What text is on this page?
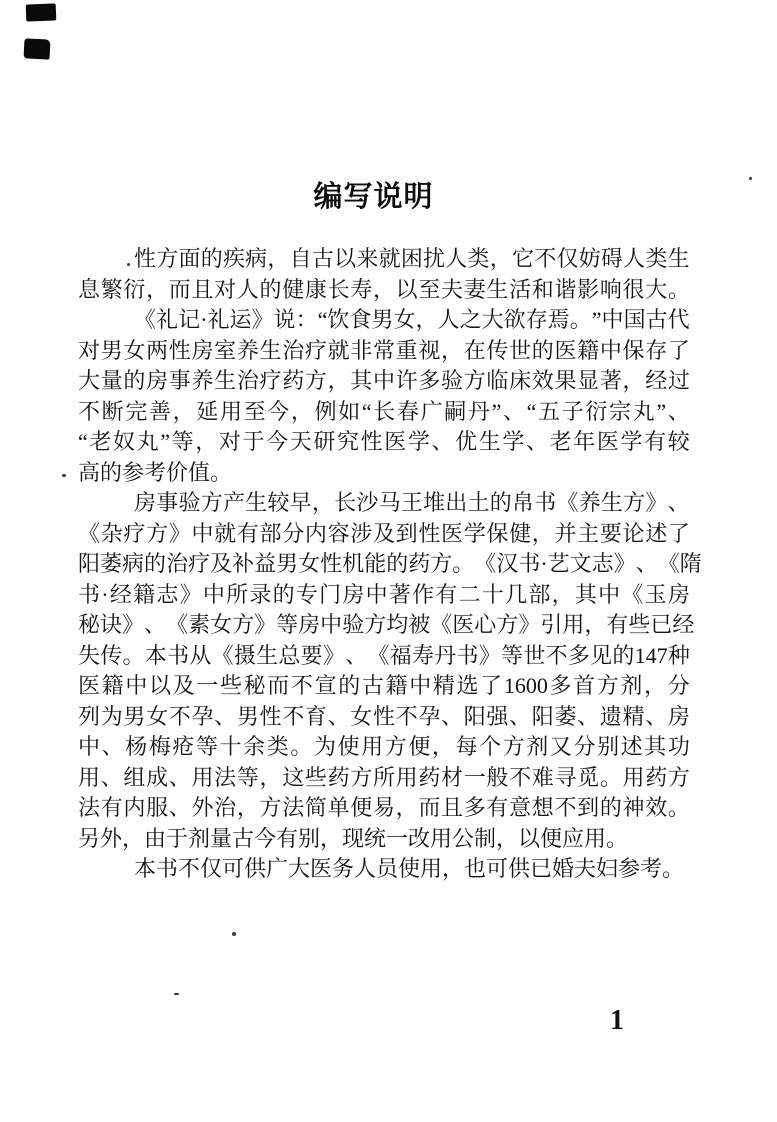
编写说明
性 方 面 的 疾 病 ， 自 古 以 来 就 困 扰 人 类 ， 它 不 仅 妨 碍 人 类 生
息 繁 衍 ， 而 且 对 人 的 健 康 长 寿 ， 以 至 夫 妻 生 活 和 谐 影 响 很 大 。
《 礼 记 · 礼 运 》 说 ： “ 饮 食 男 女 ， 人 之 大 欲 存 焉 。 ” 中 国 古 代
对 男 女 两 性 房 室 养 生 治 疗 就 非 常 重 视 ， 在 传 世 的 医 籍 中 保 存 了
大 量 的 房 事 养 生 治 疗 药 方 ， 其 中 许 多 验 方 临 床 效 果 显 著 ， 经 过
不 断 完 善 ， 延 用 至 今 ， 例 如 “ 长 春 广 嗣 丹 ” 、 “ 五 子 衍 宗 丸 ” 、
“ 老 奴 丸 ” 等 ， 对 于 今 天 研 究 性 医 学 、 优 生 学 、 老 年 医 学 有 较
高的参考价值。
房 事 验 方 产 生 较 早 ， 长 沙 马 王 堆 出 土 的 帛 书 《 养 生 方 》 、
《 杂 疗 方 》 中 就 有 部 分 内 容 涉 及 到 性 医 学 保 健 ， 并 主 要 论 述 了
阳 萎 病 的 治 疗 及 补 益 男 女 性 机 能 的 药 方 。 《 汉 书 · 艺 文 志 》 、 《 隋
书 · 经 籍 志 》 中 所 录 的 专 门 房 中 著 作 有 二 十 几 部 ， 其 中 《 玉 房
秘 诀 》 、 《 素 女 方 》 等 房 中 验 方 均 被 《 医 心 方 》 引 用 ， 有 些 已 经
失 传 。 本 书 从 《 摄 生 总 要 》 、 《 福 寿 丹 书 》 等 世 不 多 见 的 147 种
医 籍 中 以 及 一 些 秘 而 不 宣 的 古 籍 中 精 选 了 1600 多 首 方 剂 ， 分
列 为 男 女 不 孕 、 男 性 不 育 、 女 性 不 孕 、 阳 强 、 阳 萎 、 遗 精 、 房
中 、 杨 梅 疮 等 十 余 类 。 为 使 用 方 便 ， 每 个 方 剂 又 分 别 述 其 功
用 、 组 成 、 用 法 等 ， 这 些 药 方 所 用 药 材 一 般 不 难 寻 觅 。 用 药 方
法 有 内 服 、 外 治 ， 方 法 简 单 便 易 ， 而 且 多 有 意 想 不 到 的 神 效 。
另外，由于剂量古今有别，现统一改用公制，以便应用。
本书不仅可供广大医务人员使用，也可供已婚夫妇参考。
1
